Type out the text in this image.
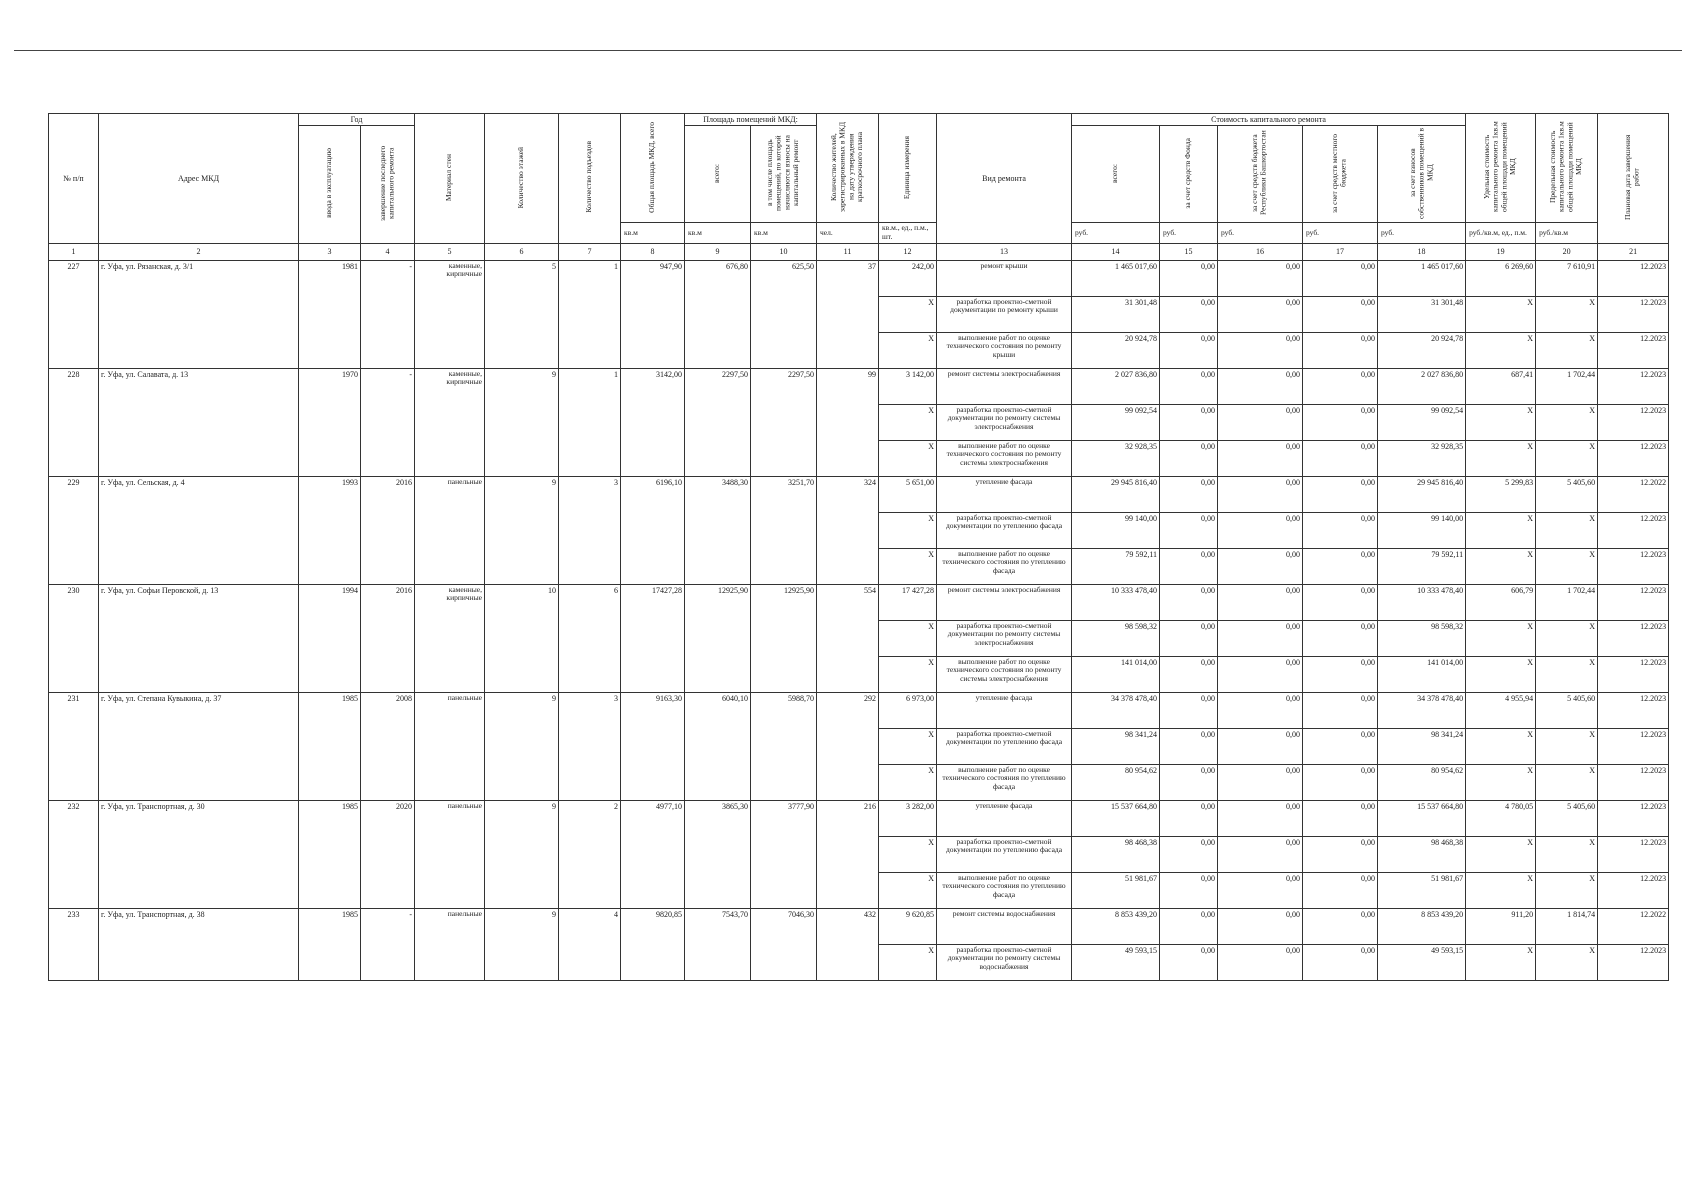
№ п/п	Адрес МКД	Год		Материал стен	Количество этажей	Количество подъездов	Общая площадь МКД, всего	Площадь помещений МКД:		Количество жителей, зарегистрированных в МКД на дату утверждения краткосрочного плана	Единица измерения	Вид ремонта	Стоимость капитального ремонта					Удельная стоимость капитального ремонта 1кв.м общей площади помещений МКД	Предельная стоимость капитального ремонта 1кв.м общей площади помещений МКД	Плановая дата завершения работ
		ввода в эксплуатацию	завершение последнего капитального ремонта					всего:	в том числе площадь помещений, по которой начисляются взносы на капитальный ремонт				всего:	за счет средств Фонда	за счет средств бюджета Республики Башкортостан	за счет средств местного бюджета	за счет взносов собственников помещений в МКД			
							кв.м	кв.м	кв.м	чел.	кв.м., ед., п.м., шт.		руб.	руб.	руб.	руб.	руб.	руб./кв.м, ед., п.м.	руб./кв.м	
1	2	3	4	5	6	7	8	9	10	11	12	13	14	15	16	17	18	19	20	21
227	г. Уфа, ул. Рязанская, д. 3/1	1981	-	каменные, кирпичные	5	1	947,90	676,80	625,50	37	242,00	ремонт крыши	1 465 017,60	0,00	0,00	0,00	1 465 017,60	6 269,60	7 610,91	12.2023
											X	разработка проектно-сметной документации по ремонту крыши	31 301,48	0,00	0,00	0,00	31 301,48	X	X	12.2023
											X	выполнение работ по оценке технического состояния по ремонту крыши	20 924,78	0,00	0,00	0,00	20 924,78	X	X	12.2023
228	г. Уфа, ул. Салавата, д. 13	1970	-	каменные, кирпичные	9	1	3142,00	2297,50	2297,50	99	3 142,00	ремонт системы электроснабжения	2 027 836,80	0,00	0,00	0,00	2 027 836,80	687,41	1 702,44	12.2023
											X	разработка проектно-сметной документации по ремонту системы электроснабжения	99 092,54	0,00	0,00	0,00	99 092,54	X	X	12.2023
											X	выполнение работ по оценке технического состояния по ремонту системы электроснабжения	32 928,35	0,00	0,00	0,00	32 928,35	X	X	12.2023
229	г. Уфа, ул. Сельская, д. 4	1993	2016	панельные	9	3	6196,10	3488,30	3251,70	324	5 651,00	утепление фасада	29 945 816,40	0,00	0,00	0,00	29 945 816,40	5 299,83	5 405,60	12.2022
											X	разработка проектно-сметной документации по утеплению фасада	99 140,00	0,00	0,00	0,00	99 140,00	X	X	12.2023
											X	выполнение работ по оценке технического состояния по утеплению фасада	79 592,11	0,00	0,00	0,00	79 592,11	X	X	12.2023
230	г. Уфа, ул. Софьи Перовской, д. 13	1994	2016	каменные, кирпичные	10	6	17427,28	12925,90	12925,90	554	17 427,28	ремонт системы электроснабжения	10 333 478,40	0,00	0,00	0,00	10 333 478,40	606,79	1 702,44	12.2023
											X	разработка проектно-сметной документации по ремонту системы электроснабжения	98 598,32	0,00	0,00	0,00	98 598,32	X	X	12.2023
											X	выполнение работ по оценке технического состояния по ремонту системы электроснабжения	141 014,00	0,00	0,00	0,00	141 014,00	X	X	12.2023
231	г. Уфа, ул. Степана Кувыкина, д. 37	1985	2008	панельные	9	3	9163,30	6040,10	5988,70	292	6 973,00	утепление фасада	34 378 478,40	0,00	0,00	0,00	34 378 478,40	4 955,94	5 405,60	12.2023
											X	разработка проектно-сметной документации по утеплению фасада	98 341,24	0,00	0,00	0,00	98 341,24	X	X	12.2023
											X	выполнение работ по оценке технического состояния по утеплению фасада	80 954,62	0,00	0,00	0,00	80 954,62	X	X	12.2023
232	г. Уфа, ул. Транспортная, д. 30	1985	2020	панельные	9	2	4977,10	3865,30	3777,90	216	3 282,00	утепление фасада	15 537 664,80	0,00	0,00	0,00	15 537 664,80	4 780,05	5 405,60	12.2023
											X	разработка проектно-сметной документации по утеплению фасада	98 468,38	0,00	0,00	0,00	98 468,38	X	X	12.2023
											X	выполнение работ по оценке технического состояния по утеплению фасада	51 981,67	0,00	0,00	0,00	51 981,67	X	X	12.2023
233	г. Уфа, ул. Транспортная, д. 38	1985	-	панельные	9	4	9820,85	7543,70	7046,30	432	9 620,85	ремонт системы водоснабжения	8 853 439,20	0,00	0,00	0,00	8 853 439,20	911,20	1 814,74	12.2022
											X	разработка проектно-сметной документации по ремонту системы водоснабжения	49 593,15	0,00	0,00	0,00	49 593,15	X	X	12.2023
